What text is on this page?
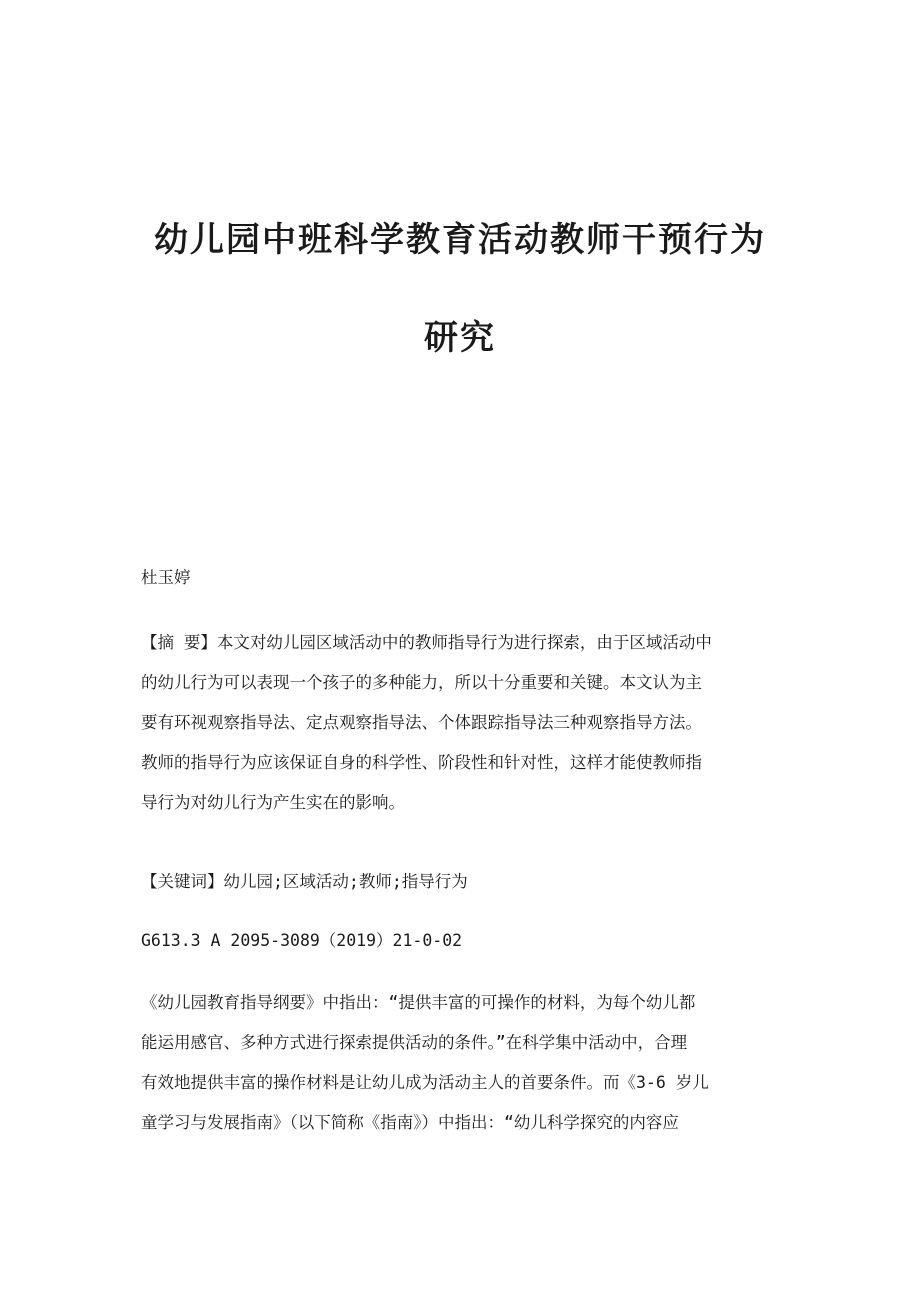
幼儿园中班科学教育活动教师干预行为
研究

杜玉婷

【摘 要】本文对幼儿园区域活动中的教师指导行为进行探索，由于区域活动中
的幼儿行为可以表现一个孩子的多种能力，所以十分重要和关键。本文认为主
要有环视观察指导法、定点观察指导法、个体跟踪指导法三种观察指导方法。
教师的指导行为应该保证自身的科学性、阶段性和针对性，这样才能使教师指
导行为对幼儿行为产生实在的影响。

【关键词】幼儿园;区域活动;教师;指导行为

G613.3 A 2095-3089（2019）21-0-02

《幼儿园教育指导纲要》中指出：“提供丰富的可操作的材料，为每个幼儿都
能运用感官、多种方式进行探索提供活动的条件。”在科学集中活动中，合理
有效地提供丰富的操作材料是让幼儿成为活动主人的首要条件。而《3-6 岁儿
童学习与发展指南》（以下简称《指南》）中指出：“幼儿科学探究的内容应
